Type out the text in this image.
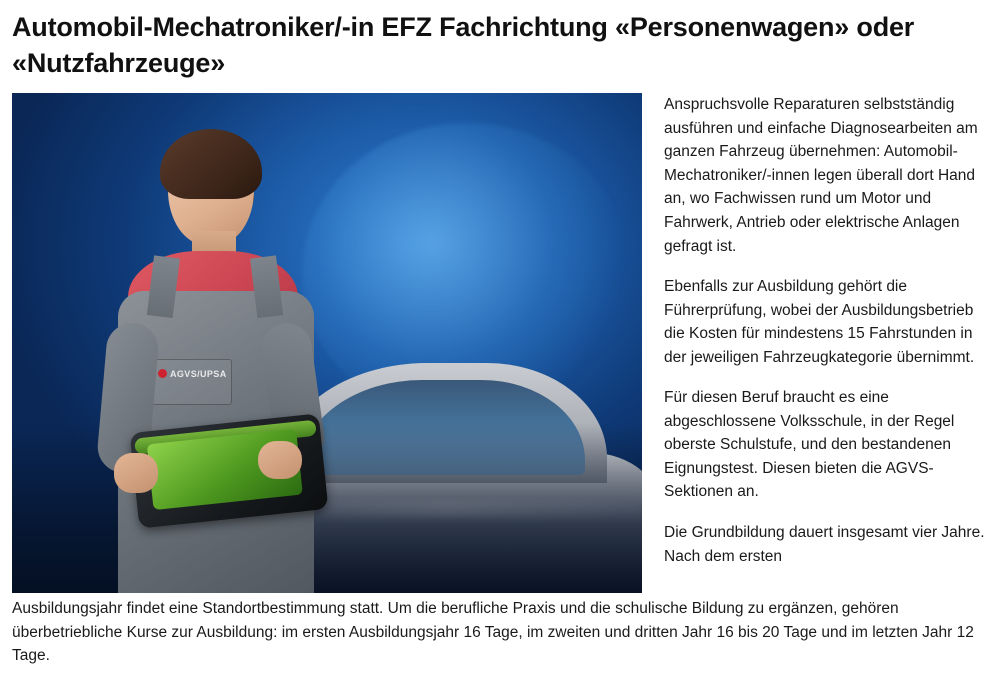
Automobil-Mechatroniker/-in EFZ Fachrichtung «Personenwagen» oder «Nutzfahrzeuge»
AGVS/UPSA

Anspruchsvolle Reparaturen selbstständig ausführen und einfache Diagnosearbeiten am ganzen Fahrzeug übernehmen: Automobil-Mechatroniker/-innen legen überall dort Hand an, wo Fachwissen rund um Motor und Fahrwerk, Antrieb oder elektrische Anlagen gefragt ist.

Ebenfalls zur Ausbildung gehört die Führerprüfung, wobei der Ausbildungsbetrieb die Kosten für mindestens 15 Fahrstunden in der jeweiligen Fahrzeugkategorie übernimmt.

Für diesen Beruf braucht es eine abgeschlossene Volksschule, in der Regel oberste Schulstufe, und den bestandenen Eignungstest. Diesen bieten die AGVS-Sektionen an.

Die Grundbildung dauert insgesamt vier Jahre. Nach dem ersten

Ausbildungsjahr findet eine Standortbestimmung statt. Um die berufliche Praxis und die schulische Bildung zu ergänzen, gehören überbetriebliche Kurse zur Ausbildung: im ersten Ausbildungsjahr 16 Tage, im zweiten und dritten Jahr 16 bis 20 Tage und im letzten Jahr 12 Tage.
